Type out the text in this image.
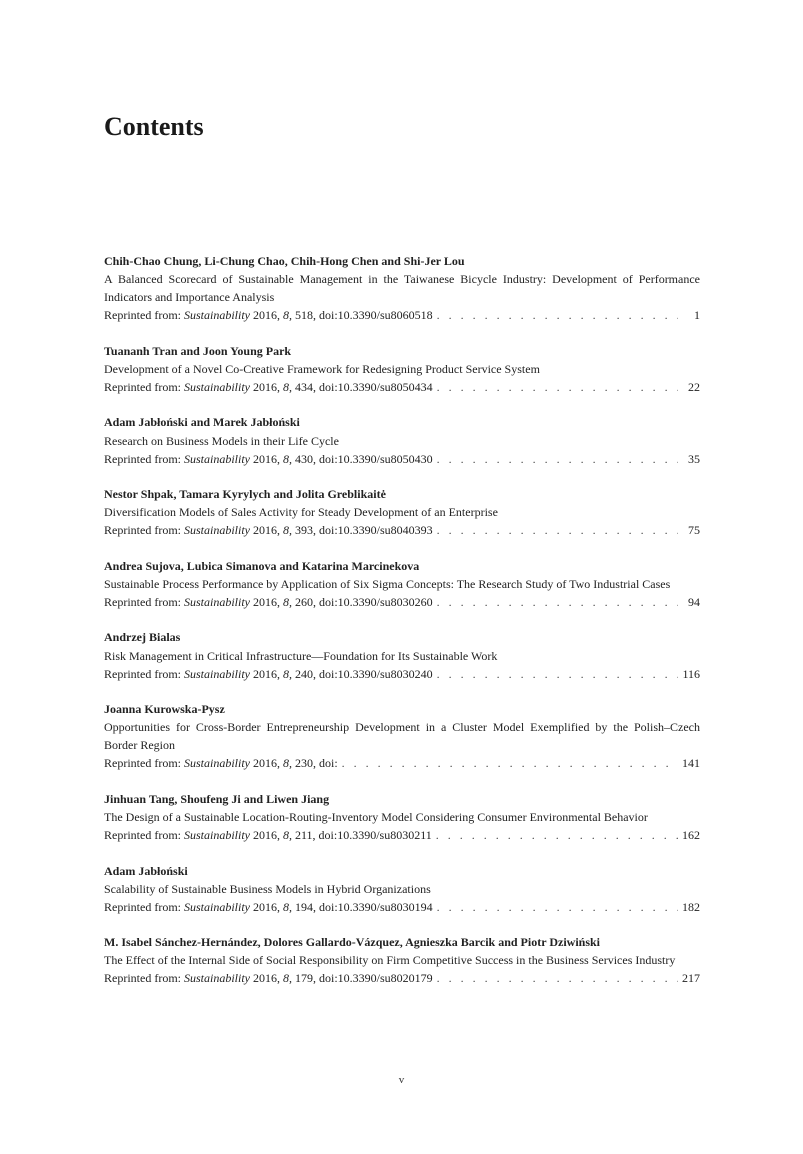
Contents
Chih-Chao Chung, Li-Chung Chao, Chih-Hong Chen and Shi-Jer Lou
A Balanced Scorecard of Sustainable Management in the Taiwanese Bicycle Industry: Development of Performance Indicators and Importance Analysis
Reprinted from: Sustainability 2016, 8, 518, doi:10.3390/su8060518 . . .	1
Tuananh Tran and Joon Young Park
Development of a Novel Co-Creative Framework for Redesigning Product Service System
Reprinted from: Sustainability 2016, 8, 434, doi:10.3390/su8050434 . . .	22
Adam Jabłoński and Marek Jabłoński
Research on Business Models in their Life Cycle
Reprinted from: Sustainability 2016, 8, 430, doi:10.3390/su8050430 . . .	35
Nestor Shpak, Tamara Kyrylych and Jolita Greblikaitė
Diversification Models of Sales Activity for Steady Development of an Enterprise
Reprinted from: Sustainability 2016, 8, 393, doi:10.3390/su8040393 . . .	75
Andrea Sujova, Lubica Simanova and Katarina Marcinekova
Sustainable Process Performance by Application of Six Sigma Concepts: The Research Study of Two Industrial Cases
Reprinted from: Sustainability 2016, 8, 260, doi:10.3390/su8030260 . . .	94
Andrzej Bialas
Risk Management in Critical Infrastructure—Foundation for Its Sustainable Work
Reprinted from: Sustainability 2016, 8, 240, doi:10.3390/su8030240 . . .	116
Joanna Kurowska-Pysz
Opportunities for Cross-Border Entrepreneurship Development in a Cluster Model Exemplified by the Polish–Czech Border Region
Reprinted from: Sustainability 2016, 8, 230, doi: . . .	141
Jinhuan Tang, Shoufeng Ji and Liwen Jiang
The Design of a Sustainable Location-Routing-Inventory Model Considering Consumer Environmental Behavior
Reprinted from: Sustainability 2016, 8, 211, doi:10.3390/su8030211 . . .	162
Adam Jabłoński
Scalability of Sustainable Business Models in Hybrid Organizations
Reprinted from: Sustainability 2016, 8, 194, doi:10.3390/su8030194 . . .	182
M. Isabel Sánchez-Hernández, Dolores Gallardo-Vázquez, Agnieszka Barcik and Piotr Dziwiński
The Effect of the Internal Side of Social Responsibility on Firm Competitive Success in the Business Services Industry
Reprinted from: Sustainability 2016, 8, 179, doi:10.3390/su8020179 . . .	217
v
